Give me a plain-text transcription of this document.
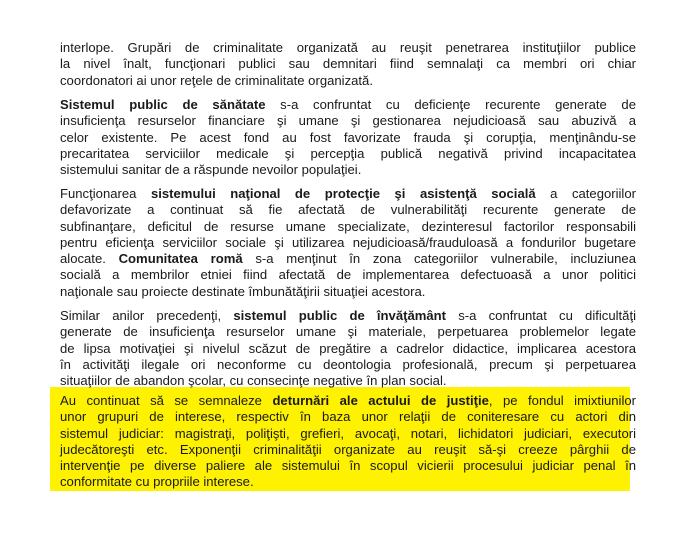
interlope. Grupări de criminalitate organizată au reuşit penetrarea instituţiilor publice
la nivel înalt, funcţionari publici sau demnitari fiind semnalaţi ca membri ori chiar
coordonatori ai unor reţele de criminalitate organizată.

Sistemul public de sănătate s-a confruntat cu deficienţe recurente generate de
insuficienţa resurselor financiare şi umane şi gestionarea nejudicioasă sau abuzivă a
celor existente. Pe acest fond au fost favorizate frauda şi corupţia, menţinându-se
precaritatea serviciilor medicale şi percepţia publică negativă privind incapacitatea
sistemului sanitar de a răspunde nevoilor populaţiei.

Funcţionarea sistemului naţional de protecţie şi asistenţă socială a categoriilor
defavorizate a continuat să fie afectată de vulnerabilităţi recurente generate de
subfinanţare, deficitul de resurse umane specializate, dezinteresul factorilor responsabili
pentru eficienţa serviciilor sociale şi utilizarea nejudicioasă/frauduloasă a fondurilor bugetare
alocate. Comunitatea romă s-a menţinut în zona categoriilor vulnerabile, incluziunea
socială a membrilor etniei fiind afectată de implementarea defectuoasă a unor politici
naţionale sau proiecte destinate îmbunătăţirii situaţiei acestora.

Similar anilor precedenţi, sistemul public de învăţământ s-a confruntat cu dificultăţi
generate de insuficienţa resurselor umane şi materiale, perpetuarea problemelor legate
de lipsa motivaţiei şi nivelul scăzut de pregătire a cadrelor didactice, implicarea acestora
în activităţi ilegale ori neconforme cu deontologia profesională, precum şi perpetuarea
situaţiilor de abandon şcolar, cu consecinţe negative în plan social.

Au continuat să se semnaleze deturnări ale actului de justiţie, pe fondul imixtiunilor
unor grupuri de interese, respectiv în baza unor relaţii de coniteresare cu actori din
sistemul judiciar: magistraţi, poliţişti, grefieri, avocaţi, notari, lichidatori judiciari, executori
judecătoreşti etc. Exponenţii criminalităţii organizate au reuşit să-şi creeze pârghii de
intervenţie pe diverse paliere ale sistemului în scopul vicierii procesului judiciar penal în
conformitate cu propriile interese.
